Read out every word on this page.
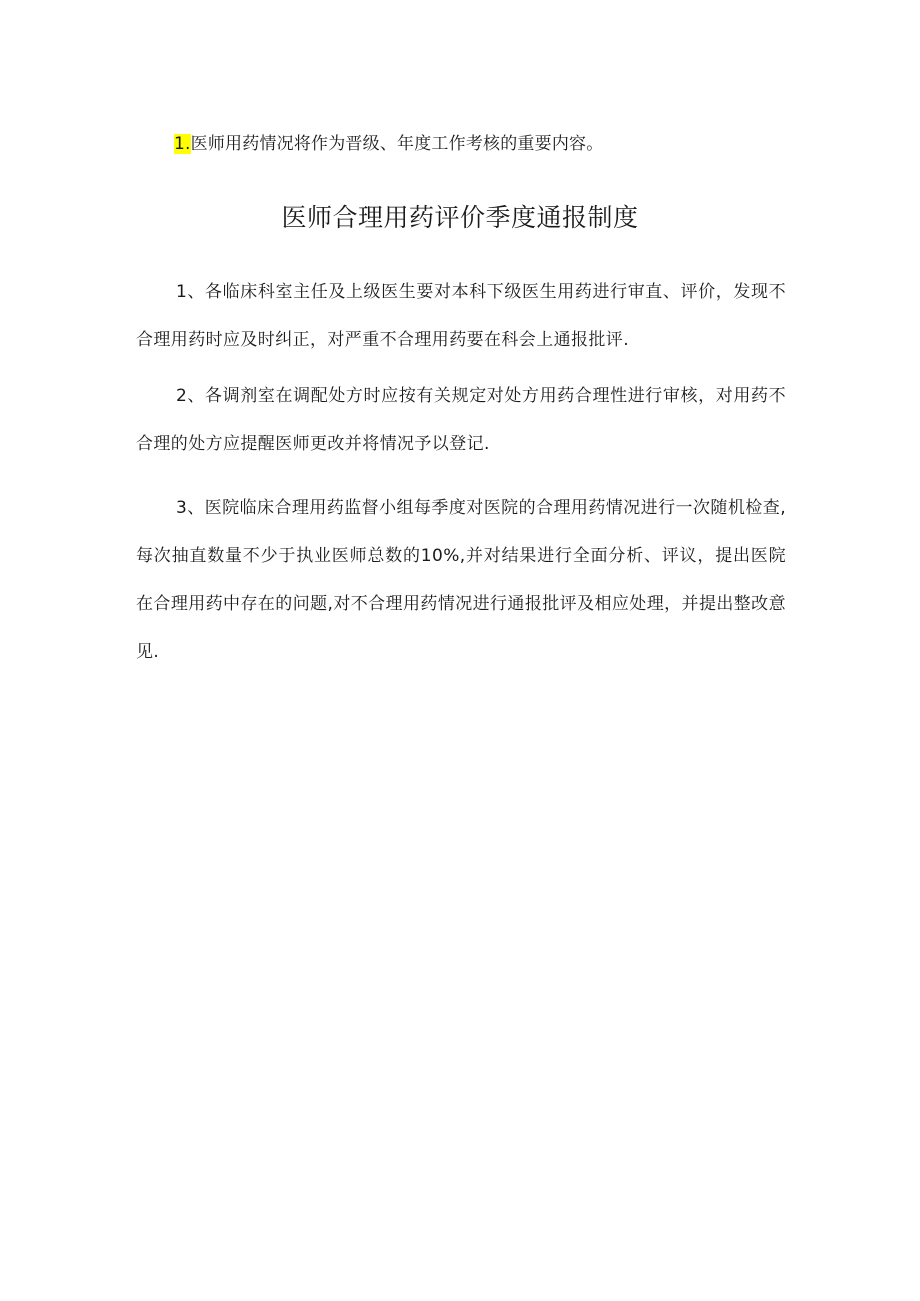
1.医师用药情况将作为晋级、年度工作考核的重要内容。
医师合理用药评价季度通报制度

1、各临床科室主任及上级医生要对本科下级医生用药进行审直、评价，发现不合理用药时应及时纠正，对严重不合理用药要在科会上通报批评.

2、各调剂室在调配处方时应按有关规定对处方用药合理性进行审核，对用药不合理的处方应提醒医师更改并将情况予以登记.

3、医院临床合理用药监督小组每季度对医院的合理用药情况进行一次随机检查,每次抽直数量不少于执业医师总数的10%,并对结果进行全面分析、评议，提出医院在合理用药中存在的问题,对不合理用药情况进行通报批评及相应处理，并提出整改意见.
